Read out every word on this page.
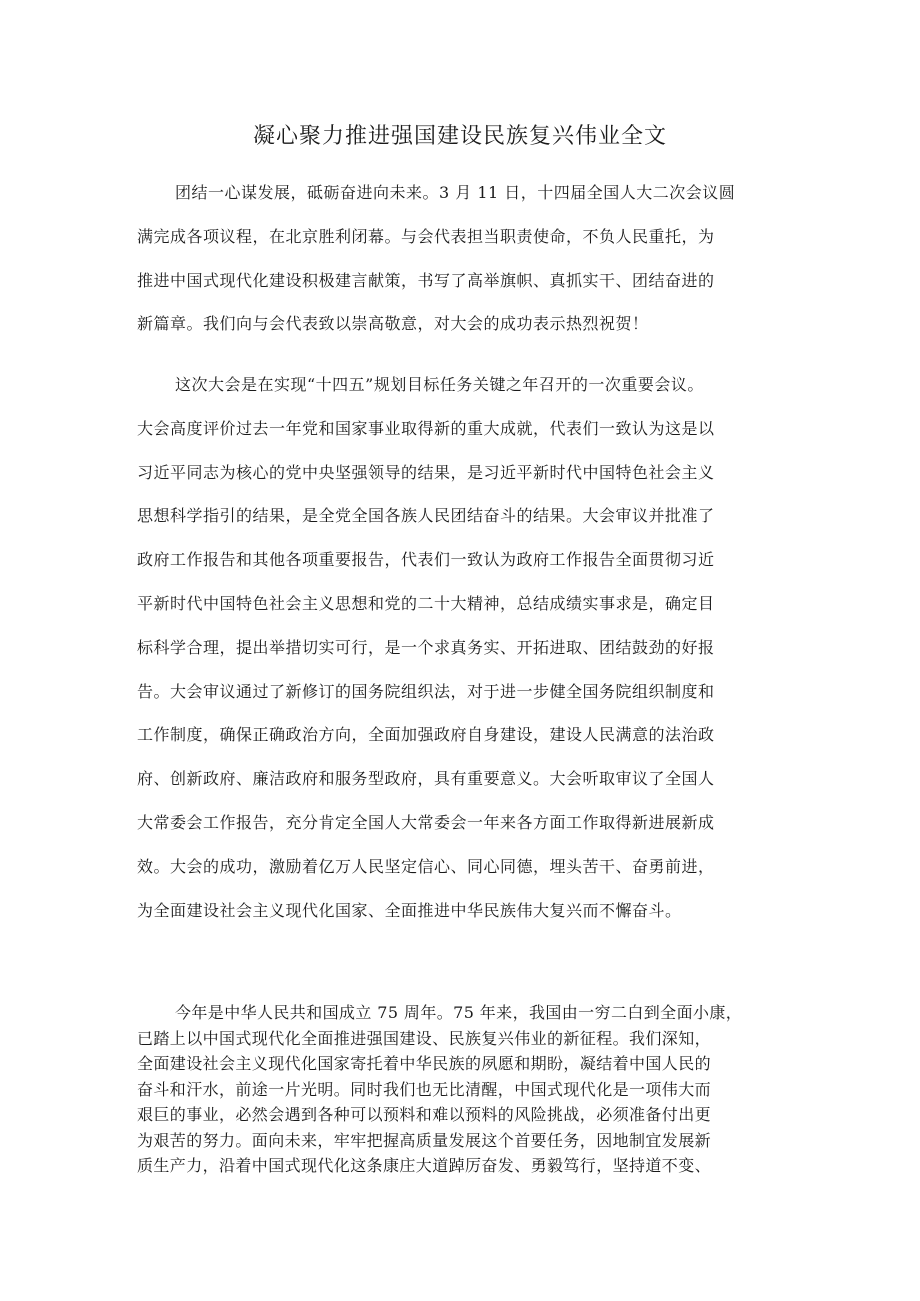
凝心聚力推进强国建设民族复兴伟业全文
团结一心谋发展，砥砺奋进向未来。3 月 11 日，十四届全国人大二次会议圆
满完成各项议程，在北京胜利闭幕。与会代表担当职责使命，不负人民重托，为
推进中国式现代化建设积极建言献策，书写了高举旗帜、真抓实干、团结奋进的
新篇章。我们向与会代表致以崇高敬意，对大会的成功表示热烈祝贺！
这次大会是在实现“十四五”规划目标任务关键之年召开的一次重要会议。
大会高度评价过去一年党和国家事业取得新的重大成就，代表们一致认为这是以
习近平同志为核心的党中央坚强领导的结果，是习近平新时代中国特色社会主义
思想科学指引的结果，是全党全国各族人民团结奋斗的结果。大会审议并批准了
政府工作报告和其他各项重要报告，代表们一致认为政府工作报告全面贯彻习近
平新时代中国特色社会主义思想和党的二十大精神，总结成绩实事求是，确定目
标科学合理，提出举措切实可行，是一个求真务实、开拓进取、团结鼓劲的好报
告。大会审议通过了新修订的国务院组织法，对于进一步健全国务院组织制度和
工作制度，确保正确政治方向，全面加强政府自身建设，建设人民满意的法治政
府、创新政府、廉洁政府和服务型政府，具有重要意义。大会听取审议了全国人
大常委会工作报告，充分肯定全国人大常委会一年来各方面工作取得新进展新成
效。大会的成功，激励着亿万人民坚定信心、同心同德，埋头苦干、奋勇前进，
为全面建设社会主义现代化国家、全面推进中华民族伟大复兴而不懈奋斗。
今年是中华人民共和国成立 75 周年。75 年来，我国由一穷二白到全面小康，
已踏上以中国式现代化全面推进强国建设、民族复兴伟业的新征程。我们深知，
全面建设社会主义现代化国家寄托着中华民族的夙愿和期盼，凝结着中国人民的
奋斗和汗水，前途一片光明。同时我们也无比清醒，中国式现代化是一项伟大而
艰巨的事业，必然会遇到各种可以预料和难以预料的风险挑战，必须准备付出更
为艰苦的努力。面向未来，牢牢把握高质量发展这个首要任务，因地制宜发展新
质生产力，沿着中国式现代化这条康庄大道踔厉奋发、勇毅笃行，坚持道不变、
